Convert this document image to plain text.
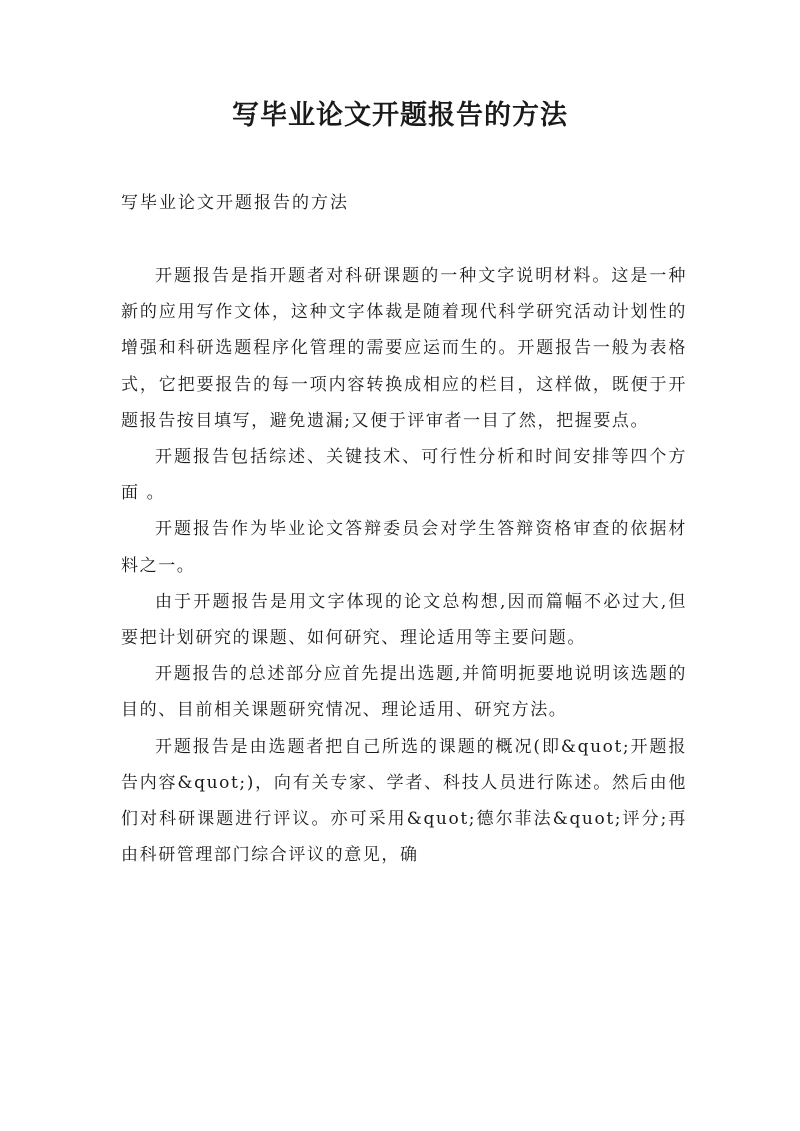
写毕业论文开题报告的方法
写毕业论文开题报告的方法

开题报告是指开题者对科研课题的一种文字说明材料。这是一种新的应用写作文体，这种文字体裁是随着现代科学研究活动计划性的增强和科研选题程序化管理的需要应运而生的。开题报告一般为表格式，它把要报告的每一项内容转换成相应的栏目，这样做，既便于开题报告按目填写，避免遗漏;又便于评审者一目了然，把握要点。

开题报告包括综述、关键技术、可行性分析和时间安排等四个方面 。

开题报告作为毕业论文答辩委员会对学生答辩资格审查的依据材料之一。

由于开题报告是用文字体现的论文总构想,因而篇幅不必过大,但要把计划研究的课题、如何研究、理论适用等主要问题。

开题报告的总述部分应首先提出选题,并简明扼要地说明该选题的目的、目前相关课题研究情况、理论适用、研究方法。

开题报告是由选题者把自己所选的课题的概况(即&quot;开题报告内容&quot;)，向有关专家、学者、科技人员进行陈述。然后由他们对科研课题进行评议。亦可采用&quot;德尔菲法&quot;评分;再由科研管理部门综合评议的意见，确
